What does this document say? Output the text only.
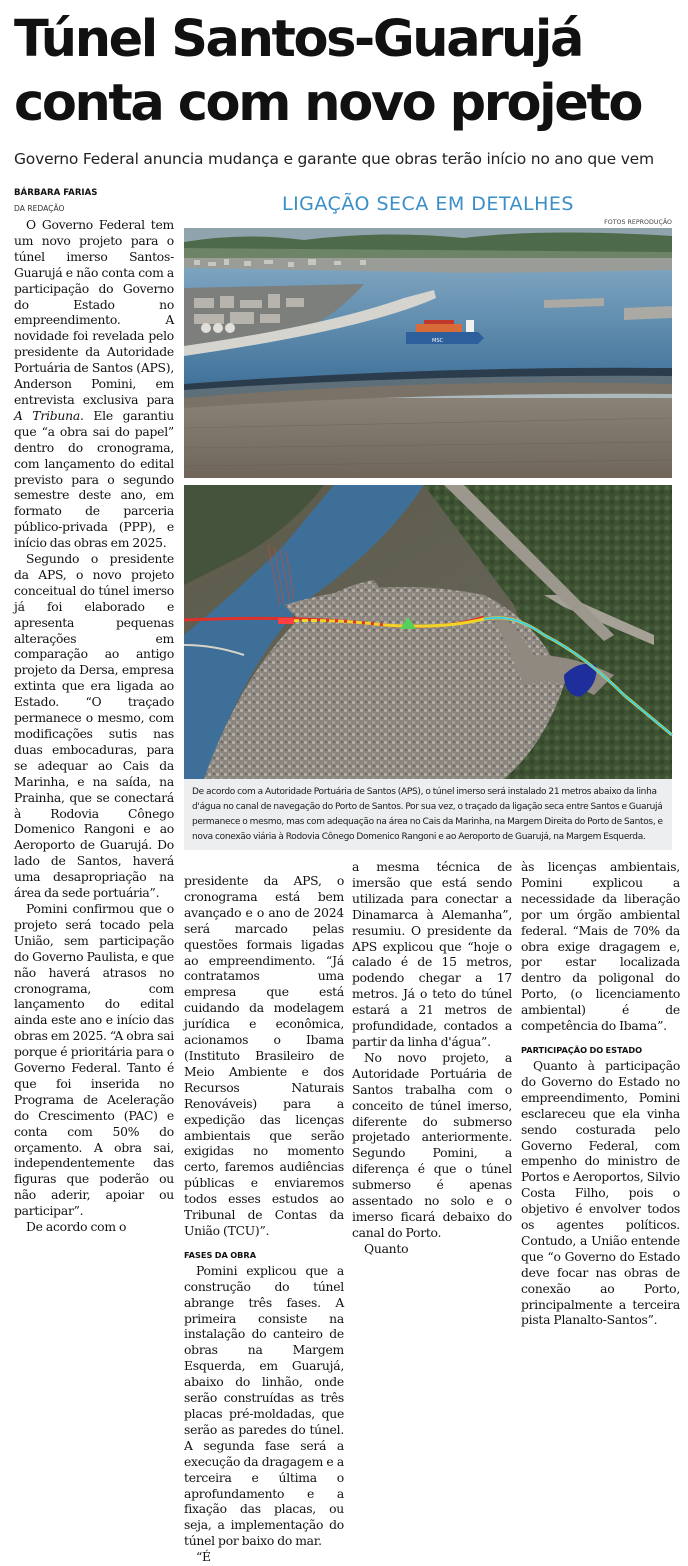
Túnel Santos-Guarujá conta com novo projeto
Governo Federal anuncia mudança e garante que obras terão início no ano que vem
BÁRBARA FARIAS
DA REDAÇÃO	LIGAÇÃO SECA EM DETALHES
FOTOS REPRODUÇÃO
MSC
De acordo com a Autoridade Portuária de Santos (APS), o túnel imerso será instalado 21 metros abaixo da linha d'água no canal de navegação do Porto de Santos. Por sua vez, o traçado da ligação seca entre Santos e Guarujá permanece o mesmo, mas com adequação na área no Cais da Marinha, na Margem Direita do Porto de Santos, e nova conexão viária à Rodovia Cônego Domenico Rangoni e ao Aeroporto de Guarujá, na Margem Esquerda.

O Governo Federal tem um novo projeto para o túnel imerso Santos-Guarujá e não conta com a participação do Governo do Estado no empreendimento. A novidade foi revelada pelo presidente da Autoridade Portuária de Santos (APS), Anderson Pomini, em entrevista exclusiva para A Tribuna. Ele garantiu que “a obra sai do papel” dentro do cronograma, com lançamento do edital previsto para o segundo semestre deste ano, em formato de parceria público-privada (PPP), e início das obras em 2025.

Segundo o presidente da APS, o novo projeto conceitual do túnel imerso já foi elaborado e apresenta pequenas alterações em comparação ao antigo projeto da Dersa, empresa extinta que era ligada ao Estado. “O traçado permanece o mesmo, com modificações sutis nas duas embocaduras, para se adequar ao Cais da Marinha, e na saída, na Prainha, que se conectará à Rodovia Cônego Domenico Rangoni e ao Aeroporto de Guarujá. Do lado de Santos, haverá uma desapropriação na área da sede portuária”.

Pomini confirmou que o projeto será tocado pela União, sem participação do Governo Paulista, e que não haverá atrasos no cronograma, com lançamento do edital ainda este ano e início das obras em 2025. “A obra sai porque é prioritária para o Governo Federal. Tanto é que foi inserida no Programa de Aceleração do Crescimento (PAC) e conta com 50% do orçamento. A obra sai, independentemente das figuras que poderão ou não aderir, apoiar ou participar”.

De acordo com o

presidente da APS, o cronograma está bem avançado e o ano de 2024 será marcado pelas questões formais ligadas ao empreendimento. “Já contratamos uma empresa que está cuidando da modelagem jurídica e econômica, acionamos o Ibama (Instituto Brasileiro de Meio Ambiente e dos Recursos Naturais Renováveis) para a expedição das licenças ambientais que serão exigidas no momento certo, faremos audiências públicas e enviaremos todos esses estudos ao Tribunal de Contas da União (TCU)”.

FASES DA OBRA

Pomini explicou que a construção do túnel abrange três fases. A primeira consiste na instalação do canteiro de obras na Margem Esquerda, em Guarujá, abaixo do linhão, onde serão construídas as três placas pré-moldadas, que serão as paredes do túnel. A segunda fase será a execução da dragagem e a terceira e última o aprofundamento e a fixação das placas, ou seja, a implementação do túnel por baixo do mar.

“É

a mesma técnica de imersão que está sendo utilizada para conectar a Dinamarca à Alemanha”, resumiu. O presidente da APS explicou que “hoje o calado é de 15 metros, podendo chegar a 17 metros. Já o teto do túnel estará a 21 metros de profundidade, contados a partir da linha d'água”.

No novo projeto, a Autoridade Portuária de Santos trabalha com o conceito de túnel imerso, diferente do submerso projetado anteriormente. Segundo Pomini, a diferença é que o túnel submerso é apenas assentado no solo e o imerso ficará debaixo do canal do Porto.

Quanto

às licenças ambientais, Pomini explicou a necessidade da liberação por um órgão ambiental federal. “Mais de 70% da obra exige dragagem e, por estar localizada dentro da poligonal do Porto, (o licenciamento ambiental) é de competência do Ibama”.

PARTICIPAÇÃO DO ESTADO

Quanto à participação do Governo do Estado no empreendimento, Pomini esclareceu que ela vinha sendo costurada pelo Governo Federal, com empenho do ministro de Portos e Aeroportos, Silvio Costa Filho, pois o objetivo é envolver todos os agentes políticos. Contudo, a União entende que “o Governo do Estado deve focar nas obras de conexão ao Porto, principalmente a terceira pista Planalto-Santos”.
